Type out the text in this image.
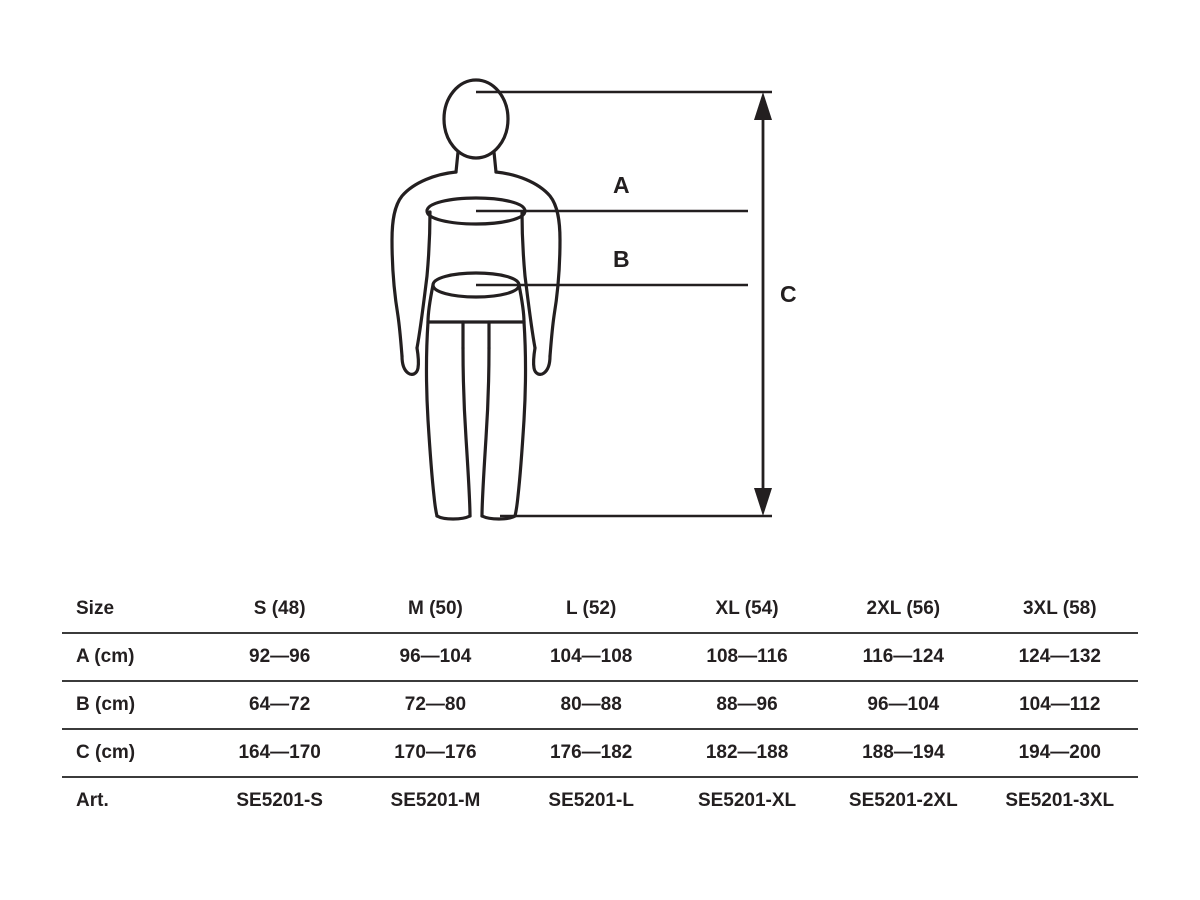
A
B
C
Size	S (48)	M (50)	L (52)	XL (54)	2XL (56)	3XL (58)
A (cm)	92—96	96—104	104—108	108—116	116—124	124—132
B (cm)	64—72	72—80	80—88	88—96	96—104	104—112
C (cm)	164—170	170—176	176—182	182—188	188—194	194—200
Art.	SE5201-S	SE5201-M	SE5201-L	SE5201-XL	SE5201-2XL	SE5201-3XL
